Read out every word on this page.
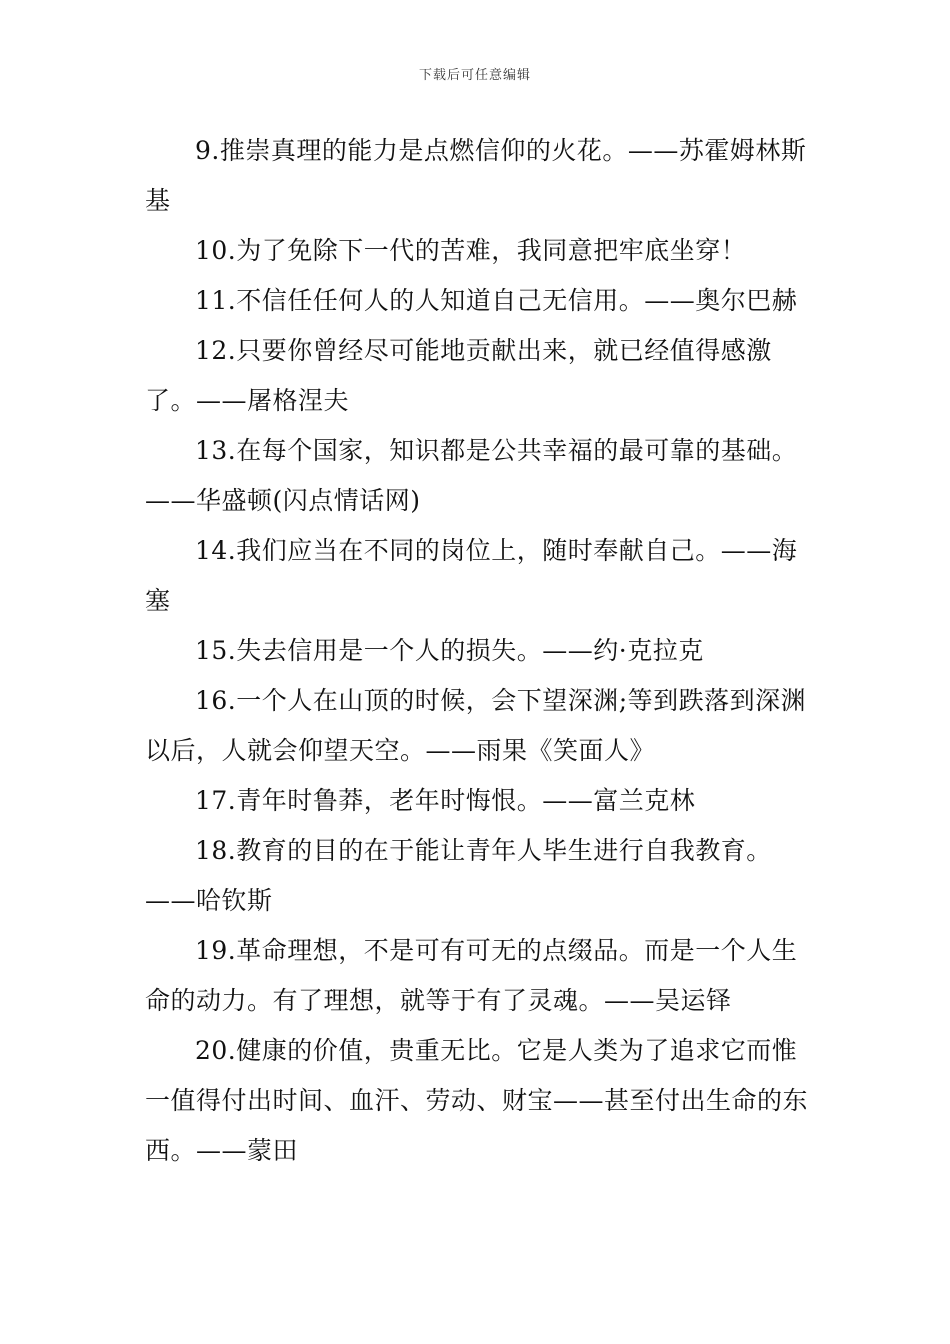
下载后可任意编辑

9.推崇真理的能力是点燃信仰的火花。——苏霍姆林斯基

10.为了免除下一代的苦难，我同意把牢底坐穿！

11.不信任任何人的人知道自己无信用。——奥尔巴赫

12.只要你曾经尽可能地贡献出来，就已经值得感激了。——屠格涅夫

13.在每个国家，知识都是公共幸福的最可靠的基础。——华盛顿(闪点情话网)

14.我们应当在不同的岗位上，随时奉献自己。——海塞

15.失去信用是一个人的损失。——约·克拉克

16.一个人在山顶的时候，会下望深渊;等到跌落到深渊以后，人就会仰望天空。——雨果《笑面人》

17.青年时鲁莽，老年时悔恨。——富兰克林

18.教育的目的在于能让青年人毕生进行自我教育。——哈钦斯

19.革命理想，不是可有可无的点缀品。而是一个人生命的动力。有了理想，就等于有了灵魂。——吴运铎

20.健康的价值，贵重无比。它是人类为了追求它而惟一值得付出时间、血汗、劳动、财宝——甚至付出生命的东西。——蒙田
